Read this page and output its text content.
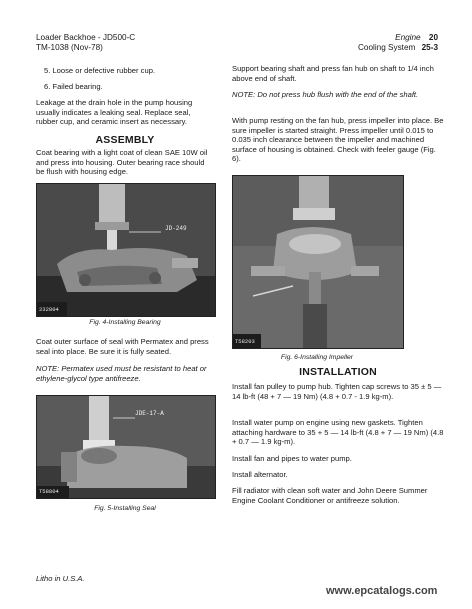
Loader Backhoe - JD500-C
TM-1038 (Nov-78)
Engine 20
Cooling System 25-3
5. Loose or defective rubber cup.
6. Failed bearing.
Leakage at the drain hole in the pump housing usually indicates a leaking seal. Replace seal, rubber cup, and ceramic insert as necessary.
ASSEMBLY
Coat bearing with a light coat of clean SAE 10W oil and press into housing. Outer bearing race should be flush with housing edge.
JD-249
232804
Fig. 4-Installing Bearing
Coat outer surface of seal with Permatex and press seal into place. Be sure it is fully seated.
NOTE: Permatex used must be resistant to heat or ethylene-glycol type antifreeze.
JDE-17-A
T58804
Fig. 5-Installing Seal
Support bearing shaft and press fan hub on shaft to 1/4 inch above end of shaft.
NOTE: Do not press hub flush with the end of the shaft.
With pump resting on the fan hub, press impeller into place. Be sure impeller is started straight. Press impeller until 0.015 to 0.035 inch clearance between the impeller and machined surface of housing is obtained. Check with feeler gauge (Fig. 6).
T58203
Fig. 6-Installing Impeller
INSTALLATION
Install fan pulley to pump hub. Tighten cap screws to 35 ± 5 — 14 lb-ft (48 + 7 — 19 Nm) (4.8 + 0.7 - 1.9 kg-m).
Install water pump on engine using new gaskets. Tighten attaching hardware to 35 + 5 — 14 lb-ft (4.8 + 7 — 19 Nm) (4.8 + 0.7 — 1.9 kg-m).
Install fan and pipes to water pump.
Install alternator.
Fill radiator with clean soft water and John Deere Summer Engine Coolant Conditioner or antifreeze solution.
Litho in U.S.A.
www.epcatalogs.com
